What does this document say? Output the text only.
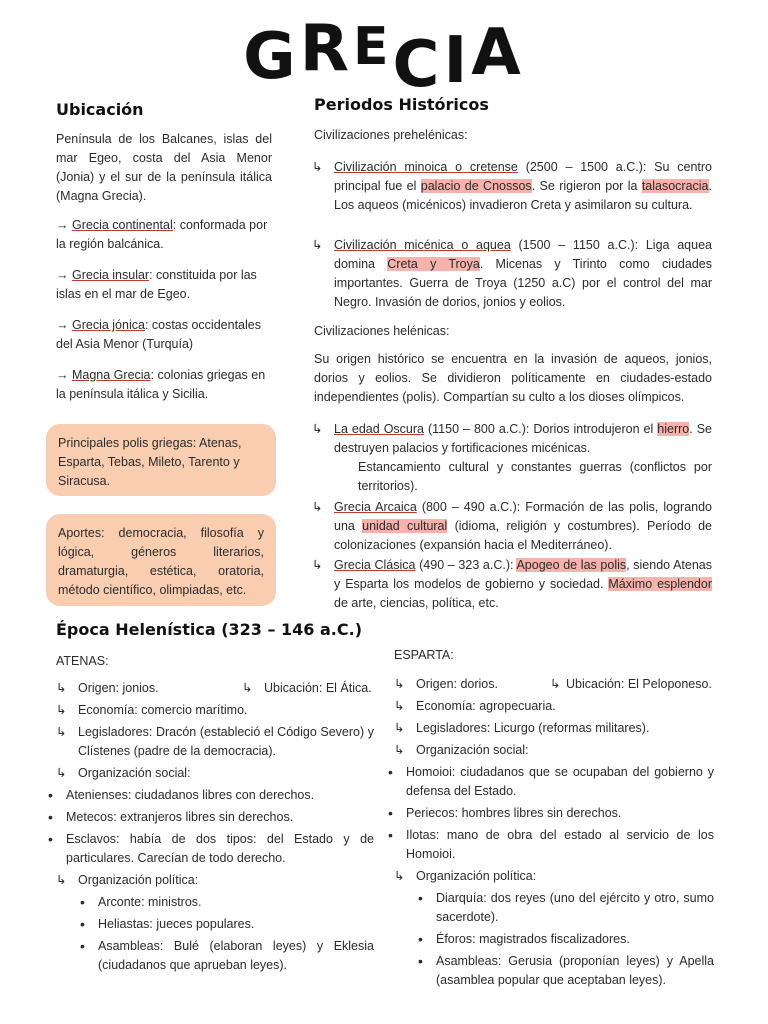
GRECIA
Ubicación
Península de los Balcanes, islas del mar Egeo, costa del Asia Menor (Jonia) y el sur de la península itálica (Magna Grecia).
→ Grecia continental: conformada por la región balcánica.
→ Grecia insular: constituida por las islas en el mar de Egeo.
→ Grecia jónica: costas occidentales del Asia Menor (Turquía)
→ Magna Grecia: colonias griegas en la península itálica y Sicilia.
Principales polis griegas: Atenas, Esparta, Tebas, Mileto, Tarento y Siracusa.
Aportes: democracia, filosofía y lógica, géneros literarios, dramaturgia, estética, oratoria, método científico, olimpiadas, etc.
Periodos Históricos
Civilizaciones prehelénicas:
↳ Civilización minoica o cretense (2500 – 1500 a.C.): Su centro principal fue el palacio de Cnossos. Se rigieron por la talasocracia. Los aqueos (micénicos) invadieron Creta y asimilaron su cultura.
↳ Civilización micénica o aquea (1500 – 1150 a.C.): Liga aquea domina Creta y Troya. Micenas y Tirinto como ciudades importantes. Guerra de Troya (1250 a.C) por el control del mar Negro. Invasión de dorios, jonios y eolios.
Civilizaciones helénicas:
Su origen histórico se encuentra en la invasión de aqueos, jonios, dorios y eolios. Se dividieron políticamente en ciudades-estado independientes (polis). Compartían su culto a los dioses olímpicos.
↳ La edad Oscura (1150 – 800 a.C.): Dorios introdujeron el hierro. Se destruyen palacios y fortificaciones micénicas.
Estancamiento cultural y constantes guerras (conflictos por territorios).
↳ Grecia Arcaica (800 – 490 a.C.): Formación de las polis, logrando una unidad cultural (idioma, religión y costumbres). Período de colonizaciones (expansión hacia el Mediterráneo).
↳ Grecia Clásica (490 – 323 a.C.): Apogeo de las polis, siendo Atenas y Esparta los modelos de gobierno y sociedad. Máximo esplendor de arte, ciencias, política, etc.
Época Helenística (323 – 146 a.C.)
ATENAS:
↳ Origen: jonios.	↳ Ubicación: El Ática.
↳ Economía: comercio marítimo.
↳ Legisladores: Dracón (estableció el Código Severo) y Clístenes (padre de la democracia).
↳ Organización social:
•	Atenienses: ciudadanos libres con derechos.
•	Metecos: extranjeros libres sin derechos.
•	Esclavos: había de dos tipos: del Estado y de particulares. Carecían de todo derecho.
↳ Organización política:
•	Arconte: ministros.
•	Heliastas: jueces populares.
•	Asambleas: Bulé (elaboran leyes) y Eklesia (ciudadanos que aprueban leyes).
ESPARTA:
↳ Origen: dorios.	↳ Ubicación: El Peloponeso.
↳ Economía: agropecuaria.
↳ Legisladores: Licurgo (reformas militares).
↳ Organización social:
•	Homoioi: ciudadanos que se ocupaban del gobierno y defensa del Estado.
•	Periecos: hombres libres sin derechos.
•	Ilotas: mano de obra del estado al servicio de los Homoioi.
↳ Organización política:
•	Diarquía: dos reyes (uno del ejército y otro, sumo sacerdote).
•	Éforos: magistrados fiscalizadores.
•	Asambleas: Gerusia (proponían leyes) y Apella (asamblea popular que aceptaban leyes).
